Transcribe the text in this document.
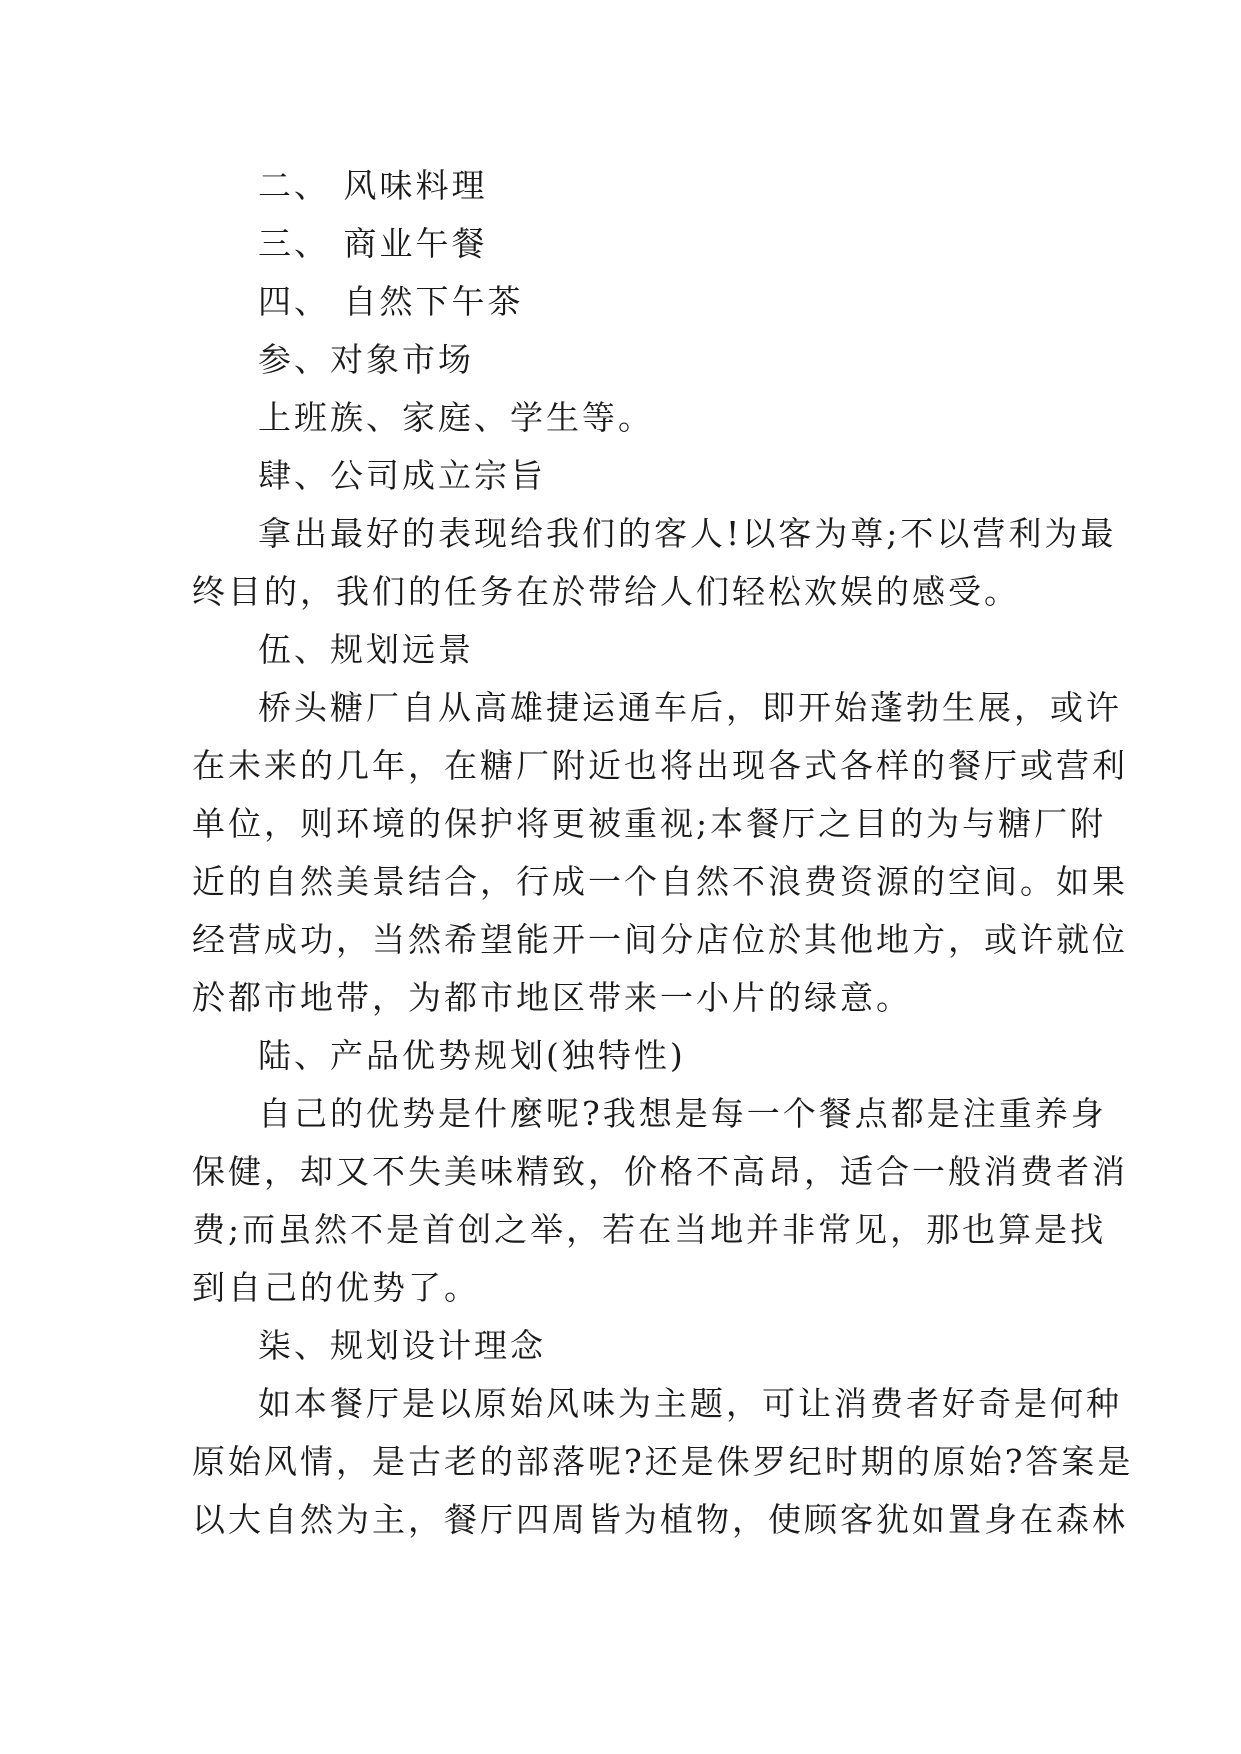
二、 风味料理
三、 商业午餐
四、 自然下午茶
参、对象市场
上班族、家庭、学生等。
肆、公司成立宗旨
拿出最好的表现给我们的客人!以客为尊;不以营利为最
终目的，我们的任务在於带给人们轻松欢娱的感受。
伍、规划远景
桥头糖厂自从高雄捷运通车后，即开始蓬勃生展，或许
在未来的几年，在糖厂附近也将出现各式各样的餐厅或营利
单位，则环境的保护将更被重视;本餐厅之目的为与糖厂附
近的自然美景结合，行成一个自然不浪费资源的空间。如果
经营成功，当然希望能开一间分店位於其他地方，或许就位
於都市地带，为都市地区带来一小片的绿意。
陆、产品优势规划(独特性)
自己的优势是什麼呢?我想是每一个餐点都是注重养身
保健，却又不失美味精致，价格不高昂，适合一般消费者消
费;而虽然不是首创之举，若在当地并非常见，那也算是找
到自己的优势了。
柒、规划设计理念
如本餐厅是以原始风味为主题，可让消费者好奇是何种
原始风情，是古老的部落呢?还是侏罗纪时期的原始?答案是
以大自然为主，餐厅四周皆为植物，使顾客犹如置身在森林
